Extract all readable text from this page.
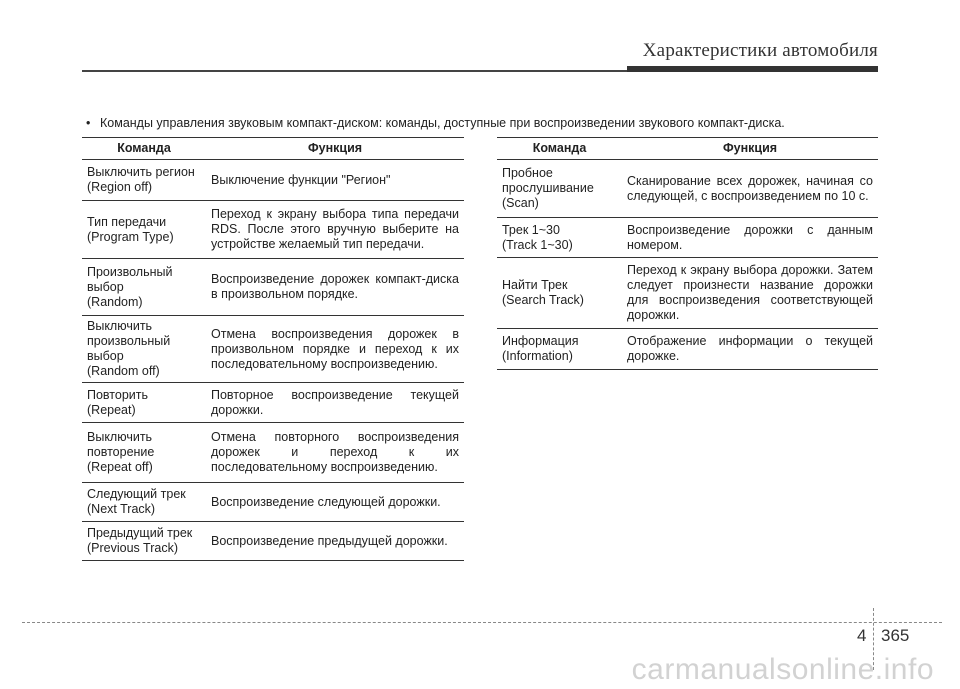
Характеристики автомобиля
• Команды управления звуковым компакт-диском: команды, доступные при воспроизведении звукового компакт-диска.
Команда	Функция

Выключить регион
(Region off)	Выключение функции "Регион"

Тип передачи
(Program Type)	Переход к экрану выбора типа передачи RDS. После этого вручную выберите на устройстве желаемый тип передачи.

Произвольный
выбор
(Random)	Воспроизведение дорожек компакт-диска в произвольном порядке.

Выключить
произвольный
выбор
(Random off)	Отмена воспроизведения дорожек в произвольном порядке и переход к их последовательному воспроизведению.

Повторить
(Repeat)	Повторное воспроизведение текущей дорожки.

Выключить
повторение
(Repeat off)	Отмена повторного воспроизведения дорожек и переход к их последовательному воспроизведению.

Следующий трек
(Next Track)	Воспроизведение следующей дорожки.

Предыдущий трек
(Previous Track)	Воспроизведение предыдущей дорожки.
Команда	Функция

Пробное
прослушивание
(Scan)	Сканирование всех дорожек, начиная со следующей, с воспроизведением по 10 с.

Трек 1~30
(Track 1~30)	Воспроизведение дорожки с данным номером.

Найти Трек
(Search Track)	Переход к экрану выбора дорожки. Затем следует произнести название дорожки для воспроизведения соответствующей дорожки.

Информация
(Information)	Отображение информации о текущей дорожке.
4 365
carmanualsonline.info
